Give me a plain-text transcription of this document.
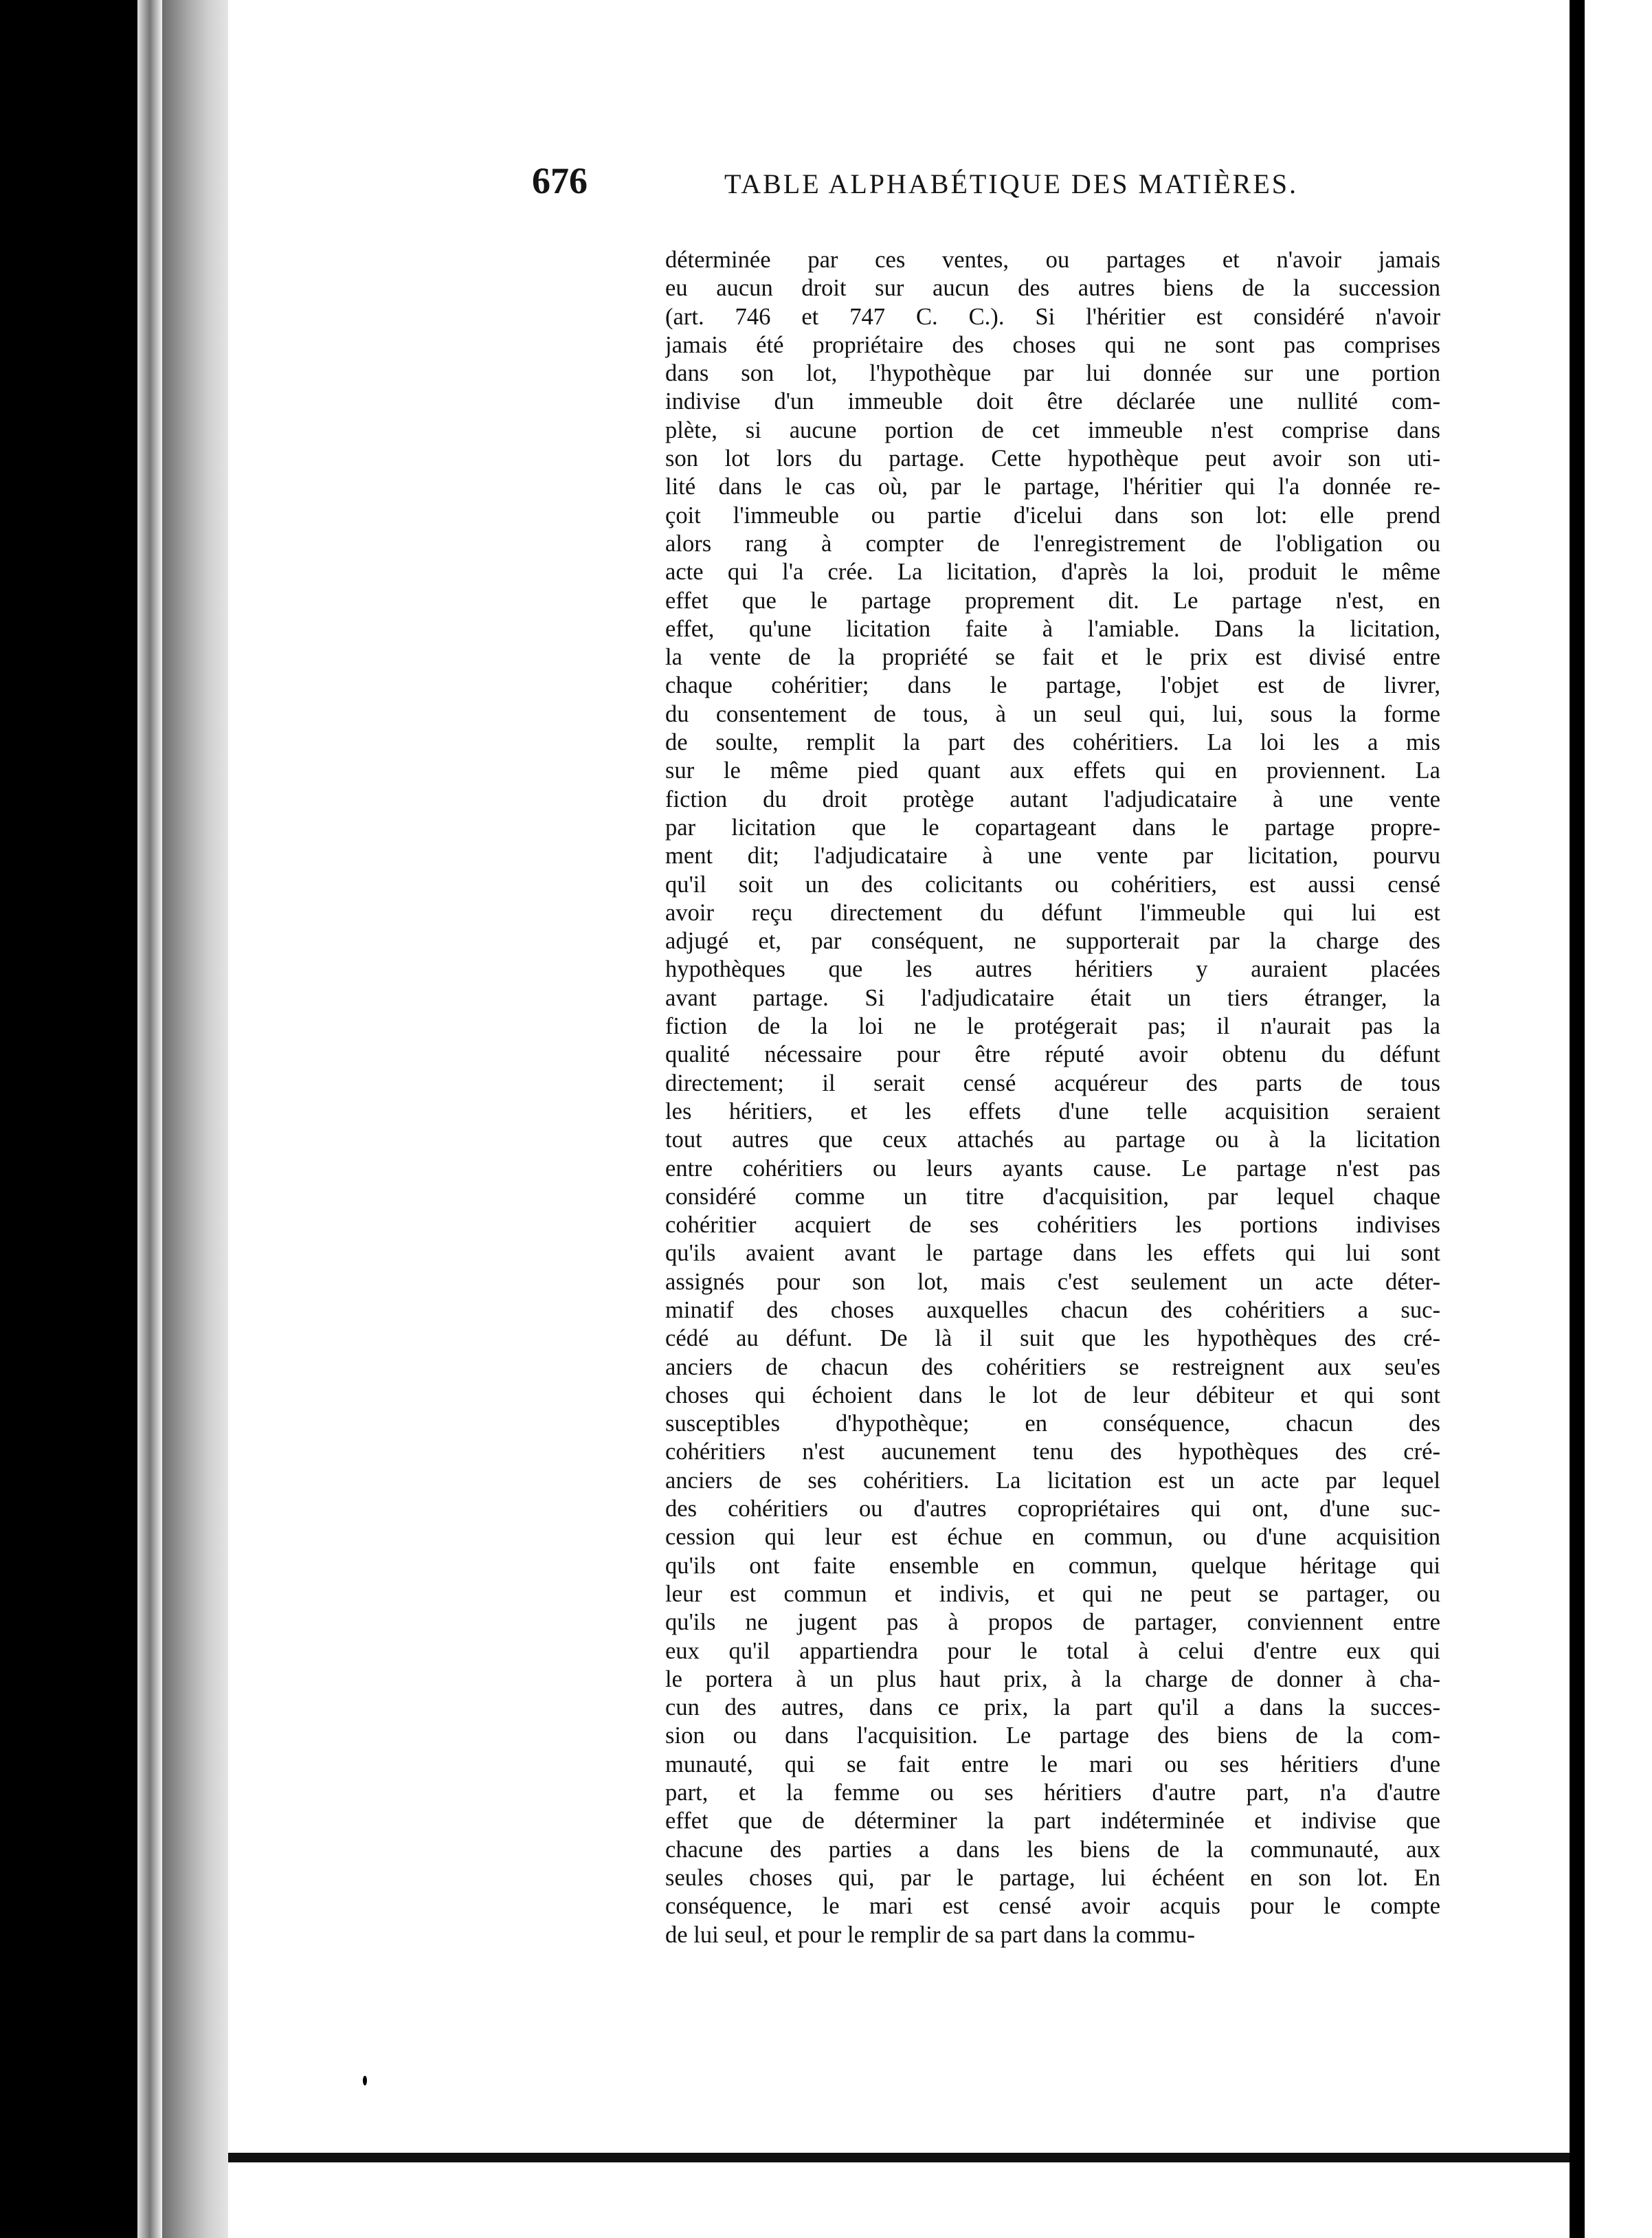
676	TABLE ALPHABÉTIQUE DES MATIÈRES.
déterminée par ces ventes, ou partages et n'avoir jamais
eu aucun droit sur aucun des autres biens de la succession
(art. 746 et 747 C. C.). Si l'héritier est considéré n'avoir
jamais été propriétaire des choses qui ne sont pas comprises
dans son lot, l'hypothèque par lui donnée sur une portion
indivise d'un immeuble doit être déclarée une nullité com-
plète, si aucune portion de cet immeuble n'est comprise dans
son lot lors du partage. Cette hypothèque peut avoir son uti-
lité dans le cas où, par le partage, l'héritier qui l'a donnée re-
çoit l'immeuble ou partie d'icelui dans son lot: elle prend
alors rang à compter de l'enregistrement de l'obligation ou
acte qui l'a crée. La licitation, d'après la loi, produit le même
effet que le partage proprement dit. Le partage n'est, en
effet, qu'une licitation faite à l'amiable. Dans la licitation,
la vente de la propriété se fait et le prix est divisé entre
chaque cohéritier; dans le partage, l'objet est de livrer,
du consentement de tous, à un seul qui, lui, sous la forme
de soulte, remplit la part des cohéritiers. La loi les a mis
sur le même pied quant aux effets qui en proviennent. La
fiction du droit protège autant l'adjudicataire à une vente
par licitation que le copartageant dans le partage propre-
ment dit; l'adjudicataire à une vente par licitation, pourvu
qu'il soit un des colicitants ou cohéritiers, est aussi censé
avoir reçu directement du défunt l'immeuble qui lui est
adjugé et, par conséquent, ne supporterait par la charge des
hypothèques que les autres héritiers y auraient placées
avant partage. Si l'adjudicataire était un tiers étranger, la
fiction de la loi ne le protégerait pas; il n'aurait pas la
qualité nécessaire pour être réputé avoir obtenu du défunt
directement; il serait censé acquéreur des parts de tous
les héritiers, et les effets d'une telle acquisition seraient
tout autres que ceux attachés au partage ou à la licitation
entre cohéritiers ou leurs ayants cause. Le partage n'est pas
considéré comme un titre d'acquisition, par lequel chaque
cohéritier acquiert de ses cohéritiers les portions indivises
qu'ils avaient avant le partage dans les effets qui lui sont
assignés pour son lot, mais c'est seulement un acte déter-
minatif des choses auxquelles chacun des cohéritiers a suc-
cédé au défunt. De là il suit que les hypothèques des cré-
anciers de chacun des cohéritiers se restreignent aux seu'es
choses qui échoient dans le lot de leur débiteur et qui sont
susceptibles d'hypothèque; en conséquence, chacun des
cohéritiers n'est aucunement tenu des hypothèques des cré-
anciers de ses cohéritiers. La licitation est un acte par lequel
des cohéritiers ou d'autres copropriétaires qui ont, d'une suc-
cession qui leur est échue en commun, ou d'une acquisition
qu'ils ont faite ensemble en commun, quelque héritage qui
leur est commun et indivis, et qui ne peut se partager, ou
qu'ils ne jugent pas à propos de partager, conviennent entre
eux qu'il appartiendra pour le total à celui d'entre eux qui
le portera à un plus haut prix, à la charge de donner à cha-
cun des autres, dans ce prix, la part qu'il a dans la succes-
sion ou dans l'acquisition. Le partage des biens de la com-
munauté, qui se fait entre le mari ou ses héritiers d'une
part, et la femme ou ses héritiers d'autre part, n'a d'autre
effet que de déterminer la part indéterminée et indivise que
chacune des parties a dans les biens de la communauté, aux
seules choses qui, par le partage, lui échéent en son lot. En
conséquence, le mari est censé avoir acquis pour le compte
de lui seul, et pour le remplir de sa part dans la commu-
